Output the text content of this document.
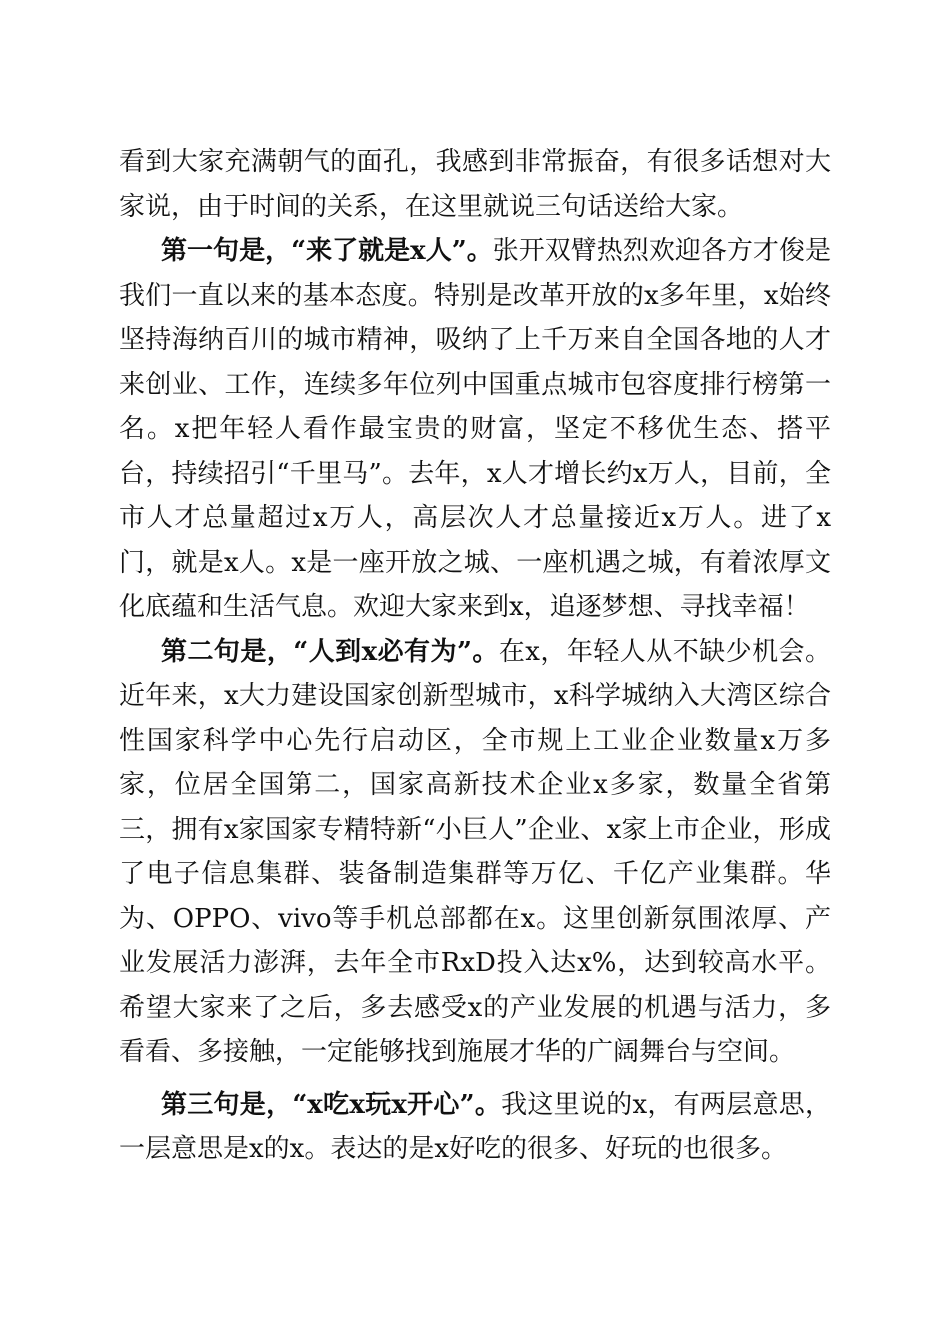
看到大家充满朝气的面孔，我感到非常振奋，有很多话想对大家说，由于时间的关系，在这里就说三句话送给大家。

第一句是，“来了就是x人”。张开双臂热烈欢迎各方才俊是我们一直以来的基本态度。特别是改革开放的x多年里，x始终坚持海纳百川的城市精神，吸纳了上千万来自全国各地的人才来创业、工作，连续多年位列中国重点城市包容度排行榜第一名。x把年轻人看作最宝贵的财富，坚定不移优生态、搭平台，持续招引“千里马”。去年，x人才增长约x万人，目前，全市人才总量超过x万人，高层次人才总量接近x万人。进了x门，就是x人。x是一座开放之城、一座机遇之城，有着浓厚文化底蕴和生活气息。欢迎大家来到x，追逐梦想、寻找幸福！

第二句是，“人到x必有为”。在x，年轻人从不缺少机会。近年来，x大力建设国家创新型城市，x科学城纳入大湾区综合性国家科学中心先行启动区，全市规上工业企业数量x万多家，位居全国第二，国家高新技术企业x多家，数量全省第三，拥有x家国家专精特新“小巨人”企业、x家上市企业，形成了电子信息集群、装备制造集群等万亿、千亿产业集群。华为、OPPO、vivo等手机总部都在x。这里创新氛围浓厚、产业发展活力澎湃，去年全市RxD投入达x%，达到较高水平。希望大家来了之后，多去感受x的产业发展的机遇与活力，多看看、多接触，一定能够找到施展才华的广阔舞台与空间。

第三句是，“x吃x玩x开心”。我这里说的x，有两层意思，一层意思是x的x。表达的是x好吃的很多、好玩的也很多。
